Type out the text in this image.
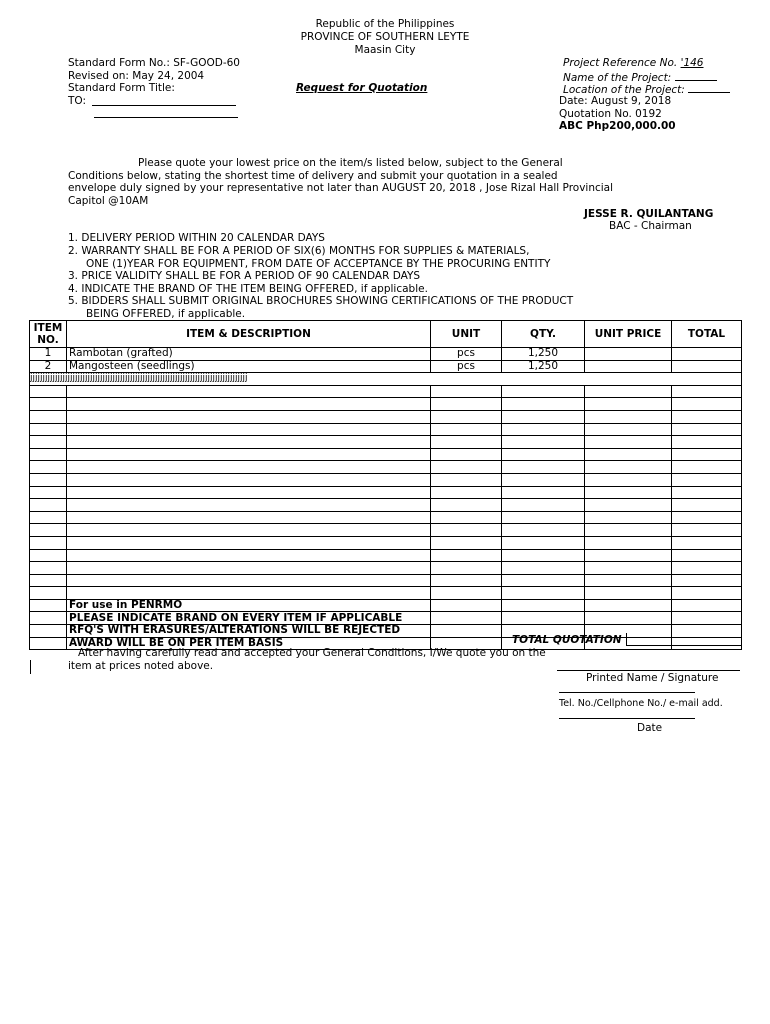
Republic of the Philippines
PROVINCE OF SOUTHERN LEYTE
Maasin City
Standard Form No.: SF-GOOD-60
Revised on: May 24, 2004
Standard Form Title:
TO:
Request for Quotation
Project Reference No. '146
Name of the Project:
Location of the Project:
Date: August 9, 2018
Quotation No. 0192
ABC Php200,000.00
Please quote your lowest price on the item/s listed below, subject to the General
Conditions below, stating the shortest time of delivery and submit your quotation in a sealed
envelope duly signed by your representative not later than AUGUST 20, 2018 , Jose Rizal Hall Provincial
Capitol @10AM
JESSE R. QUILANTANG
BAC - Chairman
1. DELIVERY PERIOD WITHIN 20 CALENDAR DAYS
2. WARRANTY SHALL BE FOR A PERIOD OF SIX(6) MONTHS FOR SUPPLIES & MATERIALS,
ONE (1)YEAR FOR EQUIPMENT, FROM DATE OF ACCEPTANCE BY THE PROCURING ENTITY
3. PRICE VALIDITY SHALL BE FOR A PERIOD OF 90 CALENDAR DAYS
4. INDICATE THE BRAND OF THE ITEM BEING OFFERED, if applicable.
5. BIDDERS SHALL SUBMIT ORIGINAL BROCHURES SHOWING CERTIFICATIONS OF THE PRODUCT
BEING OFFERED, if applicable.
ITEM NO.	ITEM & DESCRIPTION	UNIT	QTY.	UNIT PRICE	TOTAL
1	Rambotan (grafted)	pcs	1,250		
2	Mangosteen (seedlings)	pcs	1,250		
jjjjjjjjjjjjjjjjjjjjjjjjjjjjjjjjjjjjjjjjjjjjjjjjjjjjjjjjjjjjjjjjjjjjjjjjjjjjjjjjjjjjjjj					

	For use in PENRMO				
	PLEASE INDICATE BRAND ON EVERY ITEM IF APPLICABLE				
	RFQ'S WITH ERASURES/ALTERATIONS WILL BE REJECTED				
	AWARD WILL BE ON PER ITEM BASIS					TOTAL QUOTATION
After having carefully read and accepted your General Conditions, I/We quote you on the
item at prices noted above.
Printed Name / Signature
Tel. No./Cellphone No./ e-mail add.
Date
